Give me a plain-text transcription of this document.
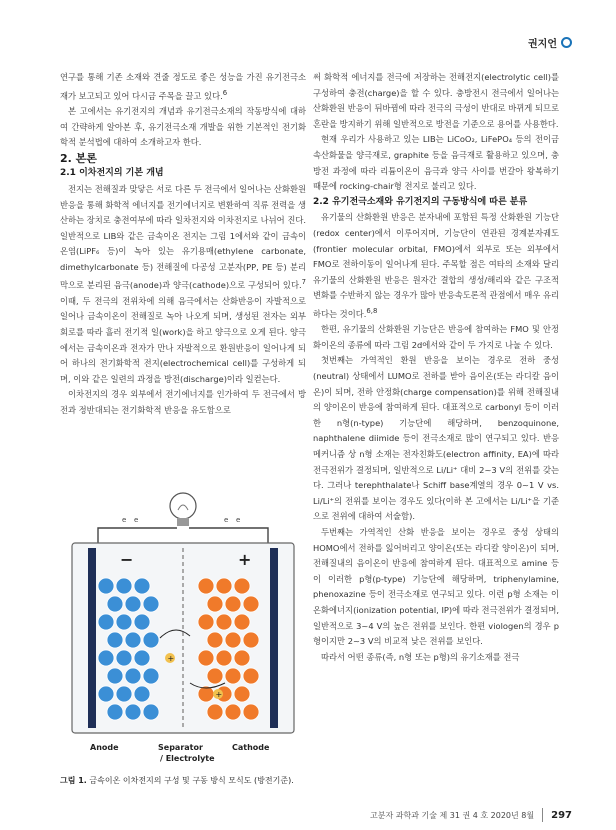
권지언

연구를 통해 기존 소재와 견줄 정도로 좋은 성능을 가진 유기전극소재가 보고되고 있어 다시금 주목을 끌고 있다.$^6$

본 고에서는 유기전지의 개념과 유기전극소재의 작동방식에 대하여 간략하게 알아본 후, 유기전극소재 개발을 위한 기본적인 전기화학적 분석법에 대하여 소개하고자 한다.

2. 본론

2.1 이차전지의 기본 개념

전지는 전해질과 맞닿은 서로 다른 두 전극에서 일어나는 산화환원 반응을 통해 화학적 에너지를 전기에너지로 변환하여 직류 전력을 생산하는 장치로 충전여부에 따라 일차전지와 이차전지로 나뉘어 진다. 일반적으로 LIB와 같은 금속이온 전지는 그림 1에서와 같이 금속이온염(LiPF₆ 등)이 녹아 있는 유기용매(ethylene carbonate, dimethylcarbonate 등) 전해질에 다공성 고분자(PP, PE 등) 분리막으로 분리된 음극(anode)과 양극(cathode)으로 구성되어 있다.$^7$ 이때, 두 전극의 전위차에 의해 음극에서는 산화반응이 자발적으로 일어나 금속이온이 전해질로 녹아 나오게 되며, 생성된 전자는 외부 회로를 따라 흘러 전기적 일(work)을 하고 양극으로 오게 된다. 양극에서는 금속이온과 전자가 만나 자발적으로 환원반응이 일어나게 되어 하나의 전기화학적 전지(electrochemical cell)를 구성하게 되며, 이와 같은 일련의 과정을 방전(discharge)이라 일컫는다.

이차전지의 경우 외부에서 전기에너지를 인가하여 두 전극에서 방전과 정반대되는 전기화학적 반응을 유도함으로

e e	e e
−	+
+
+
Anode	Separator
/ Electrolyte
Cathode
그림 1. 금속이온 이차전지의 구성 및 구동 방식 모식도 (방전기준).

써 화학적 에너지를 전극에 저장하는 전해전지(electrolytic cell)를 구성하여 충전(charge)을 할 수 있다. 충방전시 전극에서 일어나는 산화환원 반응이 뒤바뀜에 따라 전극의 극성이 반대로 바뀌게 되므로 혼란을 방지하기 위해 일반적으로 방전을 기준으로 용어를 사용한다.

현재 우리가 사용하고 있는 LIB는 LiCoO₂, LiFePO₄ 등의 전이금속산화물을 양극재로, graphite 등을 음극재로 활용하고 있으며, 충방전 과정에 따라 리튬이온이 음극과 양극 사이를 번갈아 왕복하기 때문에 rocking-chair형 전지로 불리고 있다.

2.2 유기전극소재와 유기전지의 구동방식에 따른 분류

유기물의 산화환원 반응은 분자내에 포함된 특정 산화환원 기능단(redox center)에서 이루어지며, 기능단이 연관된 경계분자궤도(frontier molecular orbital, FMO)에서 외부로 또는 외부에서 FMO로 전하이동이 일어나게 된다. 주목할 점은 여타의 소재와 달리 유기물의 산화환원 반응은 원자간 결합의 생성/해리와 같은 구조적 변화를 수반하지 않는 경우가 많아 반응속도론적 관점에서 매우 유리하다는 것이다.$^{6,8}$

한편, 유기물의 산화환원 기능단은 반응에 참여하는 FMO 및 안정화이온의 종류에 따라 그림 2d에서와 같이 두 가지로 나눌 수 있다.

첫번째는 가역적인 환원 반응을 보이는 경우로 전하 중성(neutral) 상태에서 LUMO로 전하를 받아 음이온(또는 라디칼 음이온)이 되며, 전하 안정화(charge compensation)를 위해 전해질내의 양이온이 반응에 참여하게 된다. 대표적으로 carbonyl 등이 이러한 n형(n-type) 기능단에 해당하며, benzoquinone, naphthalene diimide 등이 전극소재로 많이 연구되고 있다. 반응 메커니즘 상 n형 소재는 전자친화도(electron affinity, EA)에 따라 전극전위가 결정되며, 일반적으로 Li/Li⁺ 대비 2~3 V의 전위를 갖는다. 그러나 terephthalate나 Schiff base계열의 경우 0~1 V vs. Li/Li⁺의 전위를 보이는 경우도 있다(이하 본 고에서는 Li/Li⁺을 기준으로 전위에 대하여 서술함).

두번째는 가역적인 산화 반응을 보이는 경우로 중성 상태의 HOMO에서 전하를 잃어버리고 양이온(또는 라디칼 양이온)이 되며, 전해질내의 음이온이 반응에 참여하게 된다. 대표적으로 amine 등이 이러한 p형(p-type) 기능단에 해당하며, triphenylamine, phenoxazine 등이 전극소재로 연구되고 있다. 이런 p형 소재는 이온화에너지(ionization potential, IP)에 따라 전극전위가 결정되며, 일반적으로 3~4 V의 높은 전위를 보인다. 한편 viologen의 경우 p형이지만 2~3 V의 비교적 낮은 전위를 보인다.

따라서 어떤 종류(즉, n형 또는 p형)의 유기소재를 전극

고분자 과학과 기술 제 31 권 4 호 2020년 8월 297
